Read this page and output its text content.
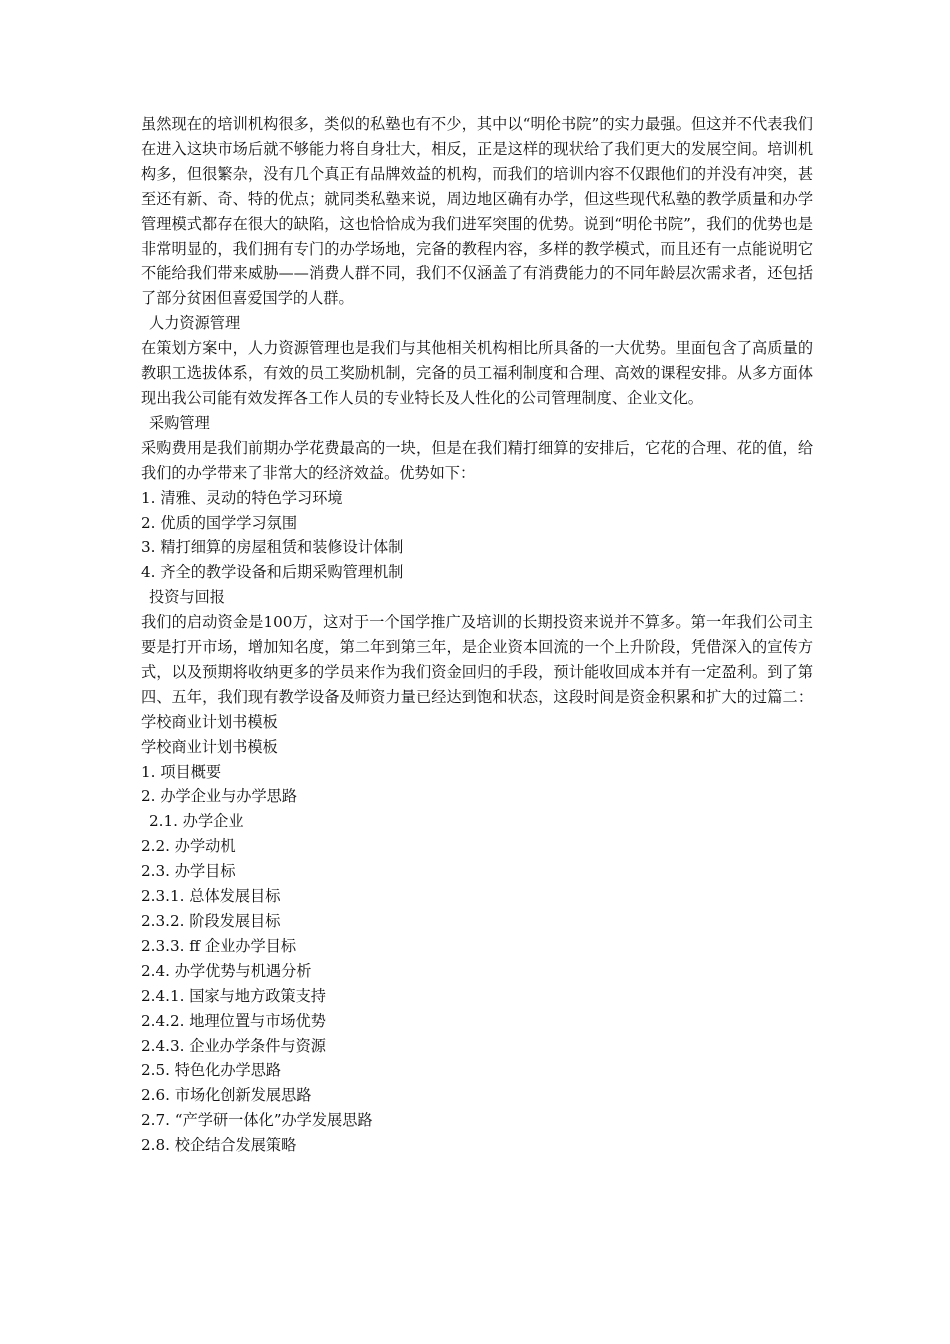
虽然现在的培训机构很多，类似的私塾也有不少，其中以“明伦书院”的实力最强。但这并不代表我们在进入这块市场后就不够能力将自身壮大，相反，正是这样的现状给了我们更大的发展空间。培训机构多，但很繁杂，没有几个真正有品牌效益的机构，而我们的培训内容不仅跟他们的并没有冲突，甚至还有新、奇、特的优点；就同类私塾来说，周边地区确有办学，但这些现代私塾的教学质量和办学管理模式都存在很大的缺陷，这也恰恰成为我们进军突围的优势。说到“明伦书院”，我们的优势也是非常明显的，我们拥有专门的办学场地，完备的教程内容，多样的教学模式，而且还有一点能说明它不能给我们带来威胁——消费人群不同，我们不仅涵盖了有消费能力的不同年龄层次需求者，还包括了部分贫困但喜爱国学的人群。

人力资源管理

在策划方案中，人力资源管理也是我们与其他相关机构相比所具备的一大优势。里面包含了高质量的教职工选拔体系，有效的员工奖励机制，完备的员工福利制度和合理、高效的课程安排。从多方面体现出我公司能有效发挥各工作人员的专业特长及人性化的公司管理制度、企业文化。

采购管理

采购费用是我们前期办学花费最高的一块，但是在我们精打细算的安排后，它花的合理、花的值，给我们的办学带来了非常大的经济效益。优势如下：

1. 清雅、灵动的特色学习环境
2. 优质的国学学习氛围
3. 精打细算的房屋租赁和装修设计体制
4. 齐全的教学设备和后期采购管理机制
投资与回报

我们的启动资金是100万，这对于一个国学推广及培训的长期投资来说并不算多。第一年我们公司主要是打开市场，增加知名度，第二年到第三年，是企业资本回流的一个上升阶段，凭借深入的宣传方式，以及预期将收纳更多的学员来作为我们资金回归的手段，预计能收回成本并有一定盈利。到了第四、五年，我们现有教学设备及师资力量已经达到饱和状态，这段时间是资金积累和扩大的过篇二：学校商业计划书模板

学校商业计划书模板
1. 项目概要
2. 办学企业与办学思路
2.1. 办学企业
2.2. 办学动机
2.3. 办学目标
2.3.1. 总体发展目标
2.3.2. 阶段发展目标
2.3.3. ff 企业办学目标
2.4. 办学优势与机遇分析
2.4.1. 国家与地方政策支持
2.4.2. 地理位置与市场优势
2.4.3. 企业办学条件与资源
2.5. 特色化办学思路
2.6. 市场化创新发展思路
2.7. “产学研一体化”办学发展思路
2.8. 校企结合发展策略
